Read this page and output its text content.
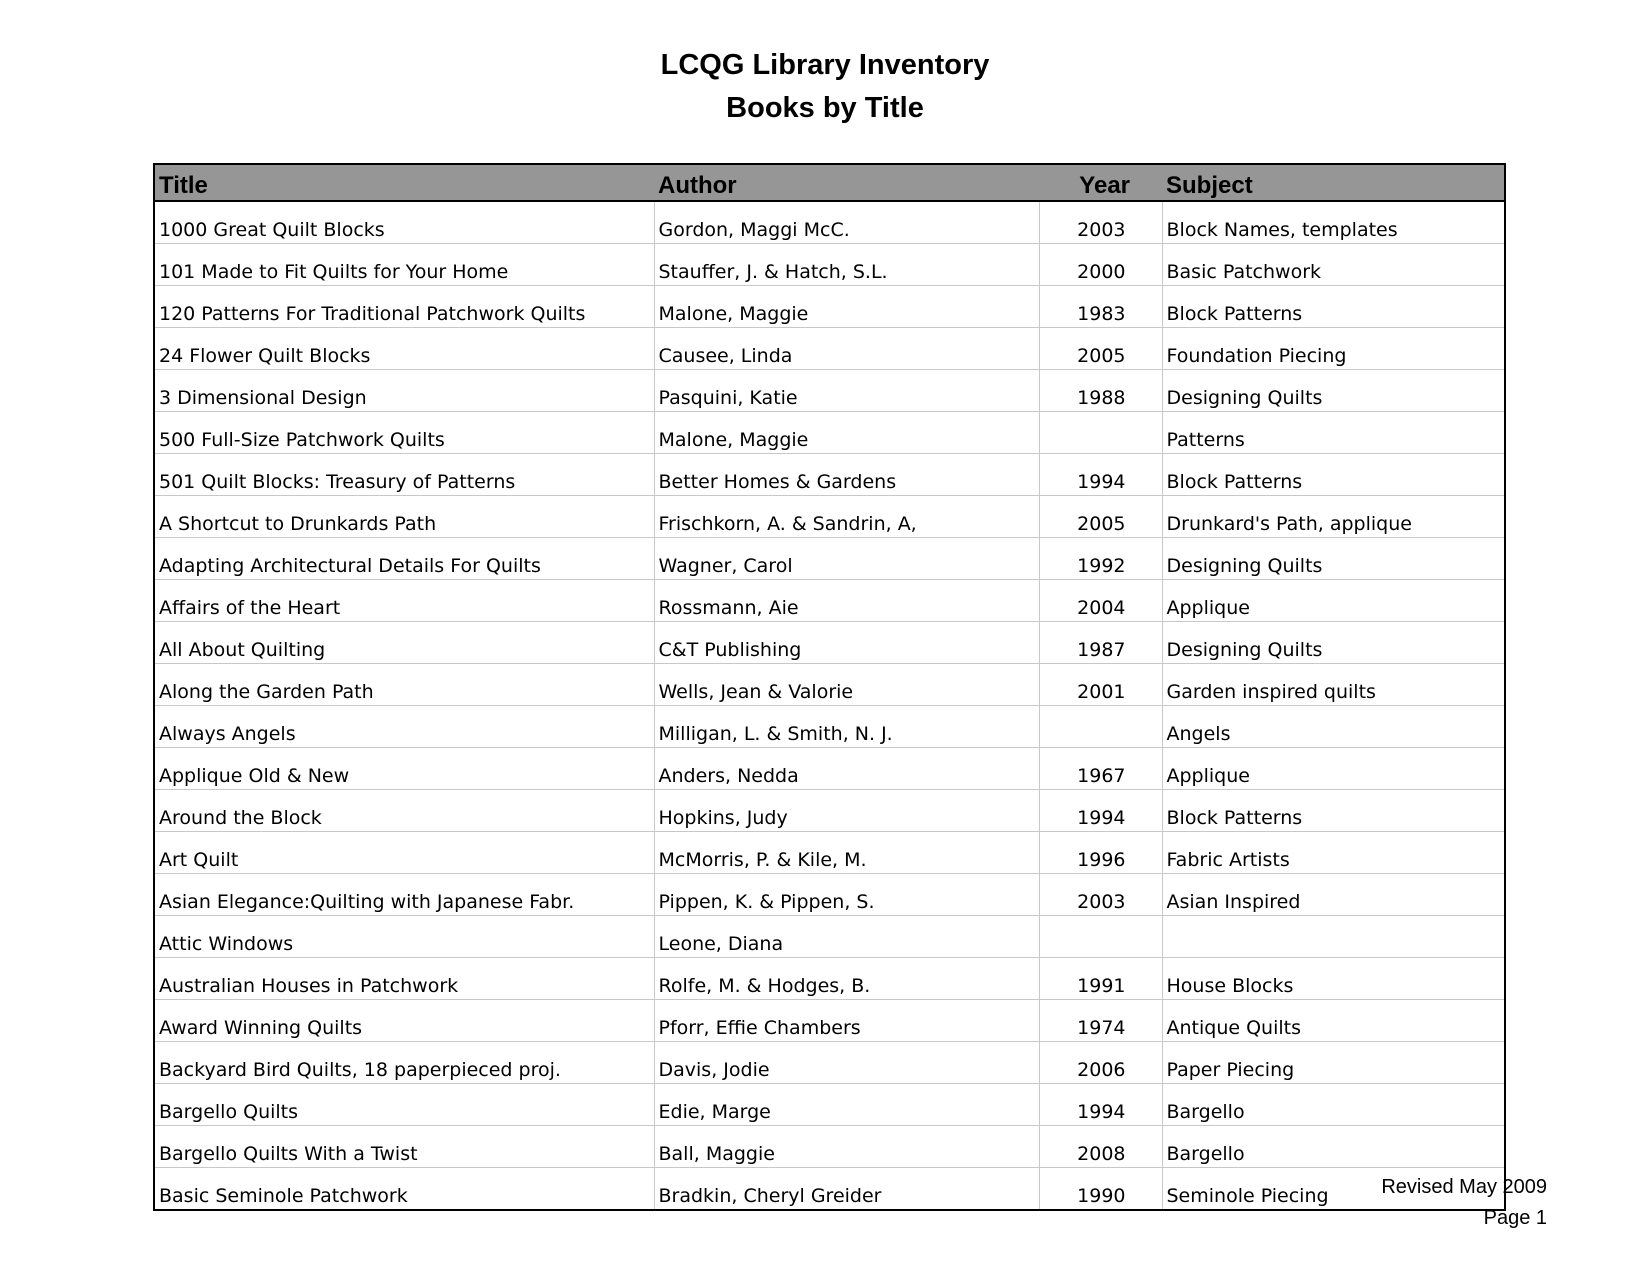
LCQG Library Inventory
Books by Title
Title	Author	Year	Subject
1000 Great Quilt Blocks	Gordon, Maggi McC.	2003	Block Names, templates
101 Made to Fit Quilts for Your Home	Stauffer, J. & Hatch, S.L.	2000	Basic Patchwork
120 Patterns For Traditional Patchwork Quilts	Malone, Maggie	1983	Block Patterns
24 Flower Quilt Blocks	Causee, Linda	2005	Foundation Piecing
3 Dimensional Design	Pasquini, Katie	1988	Designing Quilts
500 Full-Size Patchwork Quilts	Malone, Maggie		Patterns
501 Quilt Blocks: Treasury of Patterns	Better Homes & Gardens	1994	Block Patterns
A Shortcut to Drunkards Path	Frischkorn, A. & Sandrin, A,	2005	Drunkard's Path, applique
Adapting Architectural Details For Quilts	Wagner, Carol	1992	Designing Quilts
Affairs of the Heart	Rossmann, Aie	2004	Applique
All About Quilting	C&T Publishing	1987	Designing Quilts
Along the Garden Path	Wells, Jean & Valorie	2001	Garden inspired quilts
Always Angels	Milligan, L. & Smith, N. J.		Angels
Applique Old & New	Anders, Nedda	1967	Applique
Around the Block	Hopkins, Judy	1994	Block Patterns
Art Quilt	McMorris, P. & Kile, M.	1996	Fabric Artists
Asian Elegance:Quilting with Japanese Fabr.	Pippen, K. & Pippen, S.	2003	Asian Inspired
Attic Windows	Leone, Diana		
Australian Houses in Patchwork	Rolfe, M. & Hodges, B.	1991	House Blocks
Award Winning Quilts	Pforr, Effie Chambers	1974	Antique Quilts
Backyard Bird Quilts, 18 paperpieced proj.	Davis, Jodie	2006	Paper Piecing
Bargello Quilts	Edie, Marge	1994	Bargello
Bargello Quilts With a Twist	Ball, Maggie	2008	Bargello
Basic Seminole Patchwork	Bradkin, Cheryl Greider	1990	Seminole Piecing	Revised May 2009
Page 1
